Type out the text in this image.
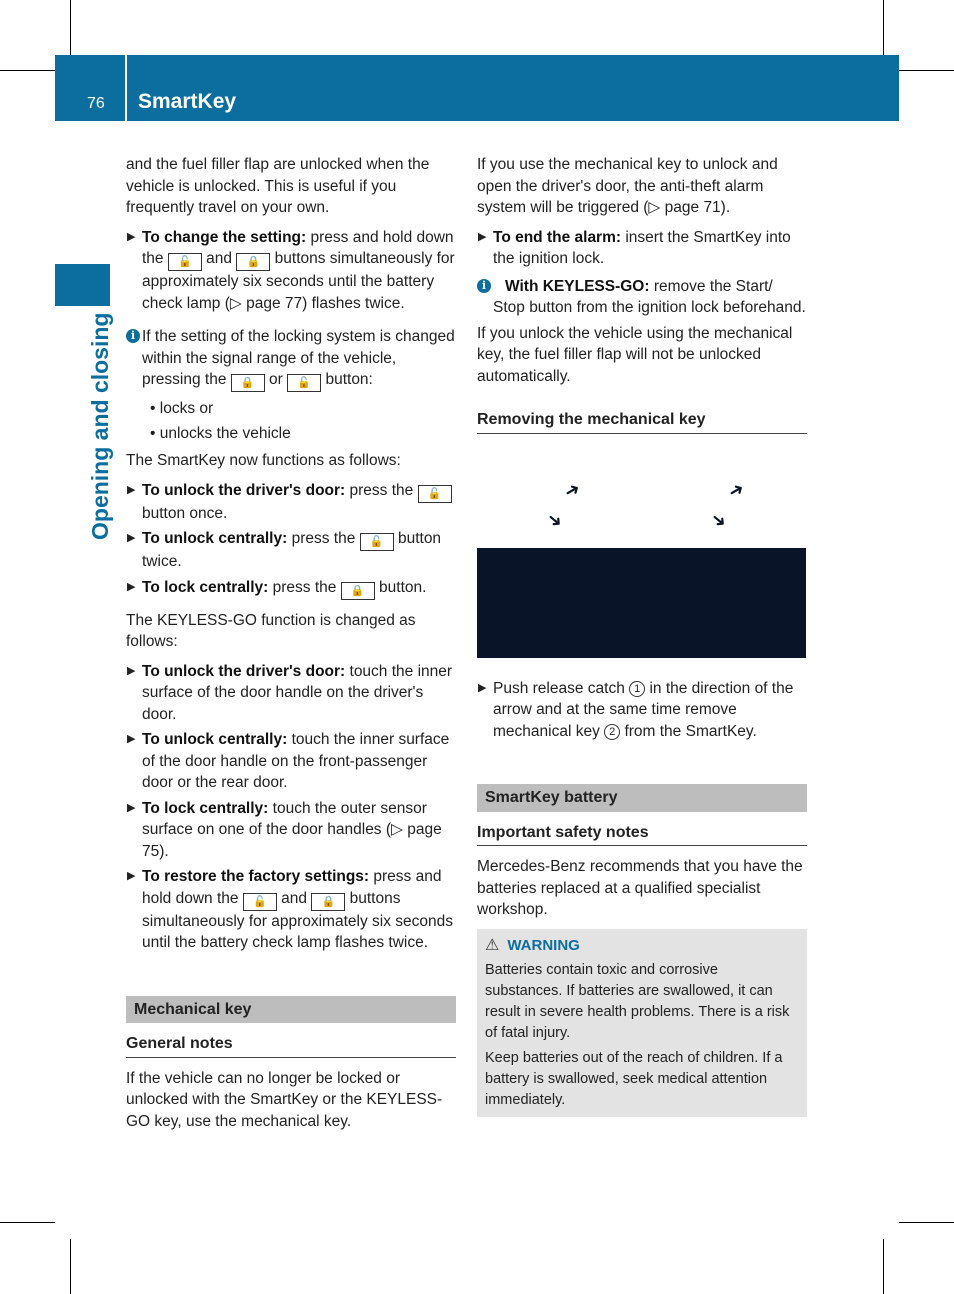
76 SmartKey
Opening and closing

and the fuel filler flap are unlocked when the vehicle is unlocked. This is useful if you frequently travel on your own.

▶ To change the setting: press and hold down the 🔓 and 🔒 buttons simultaneously for approximately six seconds until the battery check lamp (▷ page 77) flashes twice.
i If the setting of the locking system is changed within the signal range of the vehicle, pressing the 🔒 or 🔓 button:
• locks or
• unlocks the vehicle

The SmartKey now functions as follows:

▶ To unlock the driver's door: press the 🔓 button once.
▶ To unlock centrally: press the 🔓 button twice.
▶ To lock centrally: press the 🔒 button.

The KEYLESS-GO function is changed as follows:

▶ To unlock the driver's door: touch the inner surface of the door handle on the driver's door.
▶ To unlock centrally: touch the inner surface of the door handle on the front-passenger door or the rear door.
▶ To lock centrally: touch the outer sensor surface on one of the door handles (▷ page 75).
▶ To restore the factory settings: press and hold down the 🔓 and 🔒 buttons simultaneously for approximately six seconds until the battery check lamp flashes twice.
Mechanical key
General notes

If the vehicle can no longer be locked or unlocked with the SmartKey or the KEYLESS-GO key, use the mechanical key.

If you use the mechanical key to unlock and open the driver's door, the anti-theft alarm system will be triggered (▷ page 71).

▶ To end the alarm: insert the SmartKey into the ignition lock.
i	With KEYLESS-GO: remove the Start/ Stop button from the ignition lock beforehand.

If you unlock the vehicle using the mechanical key, the fuel filler flap will not be unlocked automatically.

Removing the mechanical key
➜
➜
➜
➜
▶ Push release catch 1 in the direction of the arrow and at the same time remove mechanical key 2 from the SmartKey.
SmartKey battery
Important safety notes

Mercedes-Benz recommends that you have the batteries replaced at a qualified specialist workshop.

⚠ WARNING

Batteries contain toxic and corrosive substances. If batteries are swallowed, it can result in severe health problems. There is a risk of fatal injury.

Keep batteries out of the reach of children. If a battery is swallowed, seek medical attention immediately.
